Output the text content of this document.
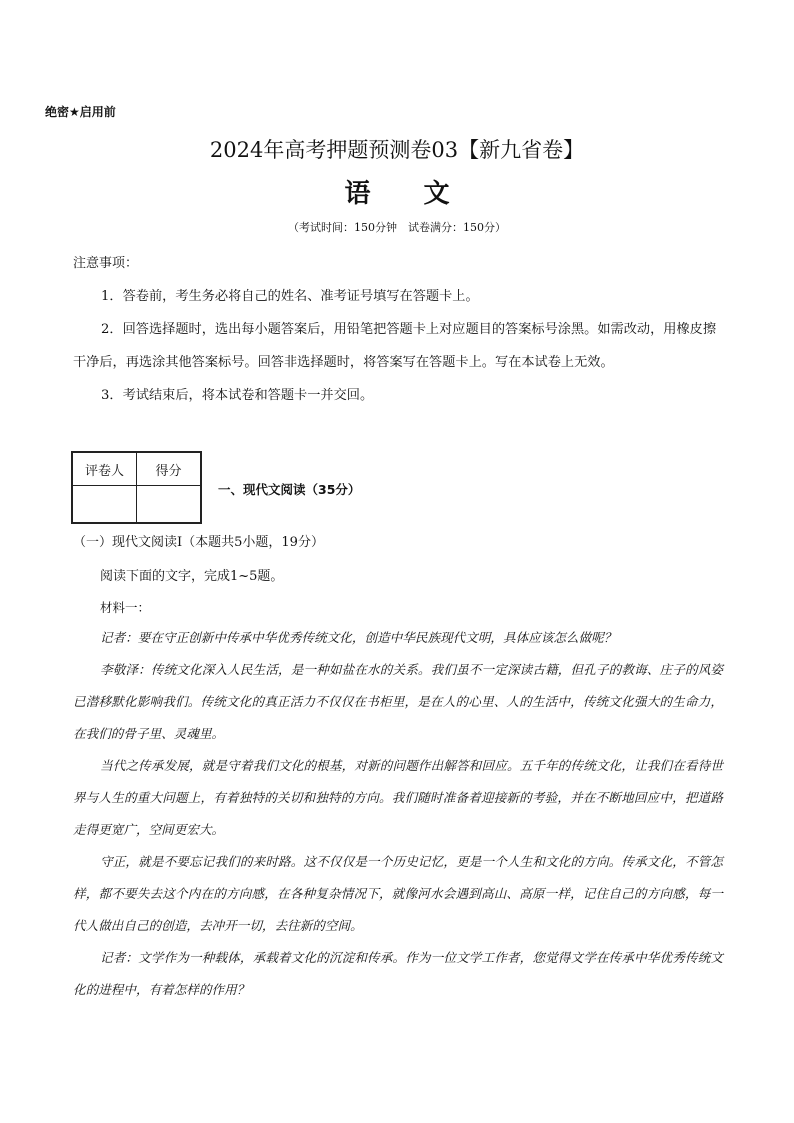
绝密★启用前
2024年高考押题预测卷03【新九省卷】
语 文
（考试时间：150分钟　试卷满分：150分）
注意事项：

1．答卷前，考生务必将自己的姓名、准考证号填写在答题卡上。

2．回答选择题时，选出每小题答案后，用铅笔把答题卡上对应题目的答案标号涂黑。如需改动，用橡皮擦干净后，再选涂其他答案标号。回答非选择题时，将答案写在答题卡上。写在本试卷上无效。

3．考试结束后，将本试卷和答题卡一并交回。

评卷人	得分

一、现代文阅读（35分）
（一）现代文阅读Ⅰ（本题共5小题，19分）
阅读下面的文字，完成1~5题。
材料一：

记者：要在守正创新中传承中华优秀传统文化，创造中华民族现代文明，具体应该怎么做呢？

李敬泽：传统文化深入人民生活，是一种如盐在水的关系。我们虽不一定深读古籍，但孔子的教诲、庄子的风姿已潜移默化影响我们。传统文化的真正活力不仅仅在书柜里，是在人的心里、人的生活中，传统文化强大的生命力，在我们的骨子里、灵魂里。

当代之传承发展，就是守着我们文化的根基，对新的问题作出解答和回应。五千年的传统文化，让我们在看待世界与人生的重大问题上，有着独特的关切和独特的方向。我们随时准备着迎接新的考验，并在不断地回应中，把道路走得更宽广，空间更宏大。

守正，就是不要忘记我们的来时路。这不仅仅是一个历史记忆，更是一个人生和文化的方向。传承文化，不管怎样，都不要失去这个内在的方向感，在各种复杂情况下，就像河水会遇到高山、高原一样，记住自己的方向感，每一代人做出自己的创造，去冲开一切，去往新的空间。

记者：文学作为一种载体，承载着文化的沉淀和传承。作为一位文学工作者，您觉得文学在传承中华优秀传统文化的进程中，有着怎样的作用？
